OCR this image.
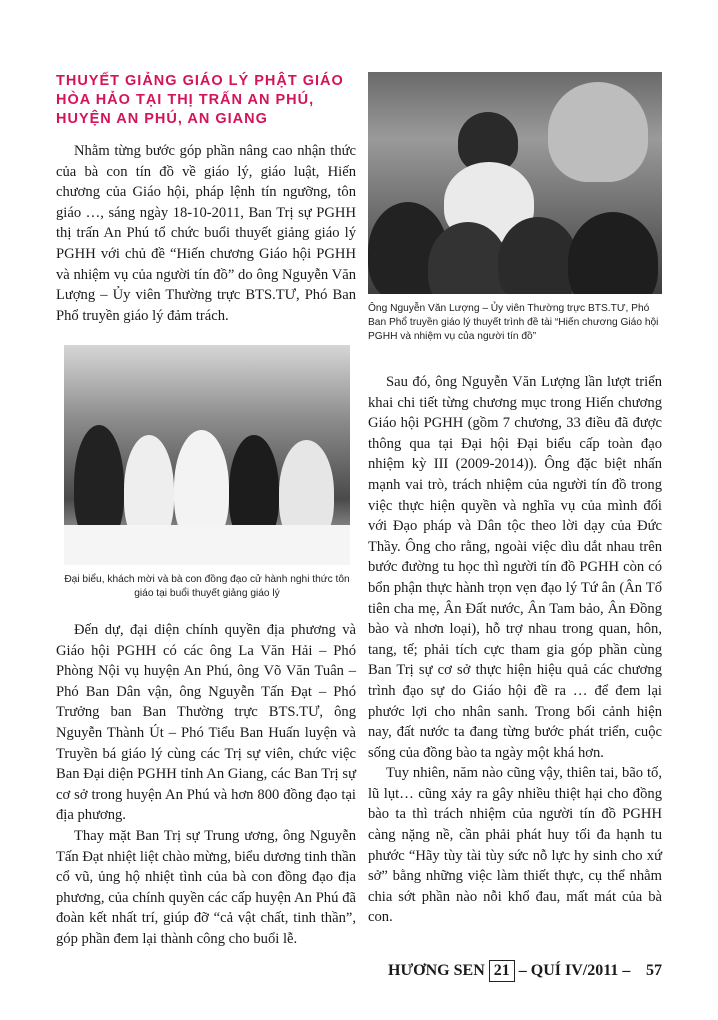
THUYẾT GIẢNG GIÁO LÝ PHẬT GIÁO HÒA HẢO TẠI THỊ TRẤN AN PHÚ, HUYỆN AN PHÚ, AN GIANG

Nhằm từng bước góp phần nâng cao nhận thức của bà con tín đồ về giáo lý, giáo luật, Hiến chương của Giáo hội, pháp lệnh tín ngưỡng, tôn giáo …, sáng ngày 18-10-2011, Ban Trị sự PGHH thị trấn An Phú tổ chức buổi thuyết giảng giáo lý PGHH với chủ đề “Hiến chương Giáo hội PGHH và nhiệm vụ của người tín đồ” do ông Nguyễn Văn Lượng – Ủy viên Thường trực BTS.TƯ, Phó Ban Phổ truyền giáo lý đảm trách.	Ông Nguyễn Văn Lượng – Ủy viên Thường trực BTS.TƯ, Phó Ban Phổ truyền giáo lý thuyết trình đề tài “Hiến chương Giáo hội PGHH và nhiệm vụ của người tín đồ”

Đại biểu, khách mời và bà con đồng đạo cử hành nghi thức tôn giáo tại buổi thuyết giảng giáo lý

Đến dự, đại diện chính quyền địa phương và Giáo hội PGHH có các ông La Văn Hải – Phó Phòng Nội vụ huyện An Phú, ông Võ Văn Tuân – Phó Ban Dân vận, ông Nguyễn Tấn Đạt – Phó Trưởng ban Ban Thường trực BTS.TƯ, ông Nguyễn Thành Út – Phó Tiểu Ban Huấn luyện và Truyền bá giáo lý cùng các Trị sự viên, chức việc Ban Đại diện PGHH tỉnh An Giang, các Ban Trị sự cơ sở trong huyện An Phú và hơn 800 đồng đạo tại địa phương.

Thay mặt Ban Trị sự Trung ương, ông Nguyễn Tấn Đạt nhiệt liệt chào mừng, biểu dương tinh thần cổ vũ, ủng hộ nhiệt tình của bà con đồng đạo địa phương, của chính quyền các cấp huyện An Phú đã đoàn kết nhất trí, giúp đỡ “cả vật chất, tinh thần”, góp phần đem lại thành công cho buổi lễ.

Sau đó, ông Nguyễn Văn Lượng lần lượt triển khai chi tiết từng chương mục trong Hiến chương Giáo hội PGHH (gồm 7 chương, 33 điều đã được thông qua tại Đại hội Đại biểu cấp toàn đạo nhiệm kỳ III (2009-2014)). Ông đặc biệt nhấn mạnh vai trò, trách nhiệm của người tín đồ trong việc thực hiện quyền và nghĩa vụ của mình đối với Đạo pháp và Dân tộc theo lời dạy của Đức Thầy. Ông cho rằng, ngoài việc dìu dắt nhau trên bước đường tu học thì người tín đồ PGHH còn có bổn phận thực hành trọn vẹn đạo lý Tứ ân (Ân Tổ tiên cha mẹ, Ân Đất nước, Ân Tam bảo, Ân Đồng bào và nhơn loại), hỗ trợ nhau trong quan, hôn, tang, tế; phải tích cực tham gia góp phần cùng Ban Trị sự cơ sở thực hiện hiệu quả các chương trình đạo sự do Giáo hội đề ra … để đem lại phước lợi cho nhân sanh. Trong bối cảnh hiện nay, đất nước ta đang từng bước phát triển, cuộc sống của đồng bào ta ngày một khá hơn.

Tuy nhiên, năm nào cũng vậy, thiên tai, bão tố, lũ lụt… cũng xảy ra gây nhiều thiệt hại cho đồng bào ta thì trách nhiệm của người tín đồ PGHH càng nặng nề, cần phải phát huy tối đa hạnh tu phước “Hãy tùy tài tùy sức nỗ lực hy sinh cho xứ sở” bằng những việc làm thiết thực, cụ thể nhằm chia sớt phần nào nỗi khổ đau, mất mát của bà con.

HƯƠNG SEN 21 – QUÍ IV/2011 – 57
